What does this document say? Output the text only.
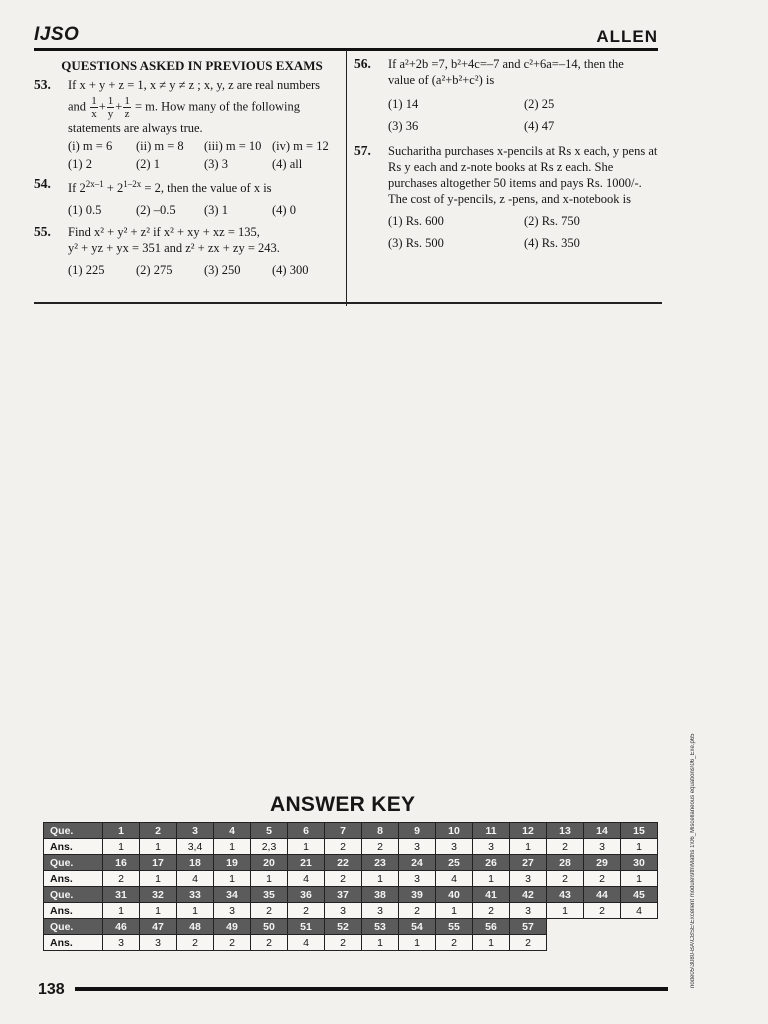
IJSO	ALLEN
QUESTIONS ASKED IN PREVIOUS EXAMS
53. If x + y + z = 1, x ≠ y ≠ z ; x, y, z are real numbers
and $\frac{1}{x} + \frac{1}{y} + \frac{1}{z} = m$. How many of the following
statements are always true.
(i) m = 6	(ii) m = 8	(iii) m = 10 (iv) m = 12
(1) 2	(2) 1	(3) 3	(4) all
54. If $2^{2x-1} + 2^{1-2x} = 2$, then the value of x is
(1) 0.5	(2) –0.5	(3) 1	(4) 0
55. Find x² + y² + z² if x² + xy + xz = 135,
y² + yz + yx = 351 and z² + zx + zy = 243.
(1) 225	(2) 275	(3) 250	(4) 300
56. If a²+2b =7, b²+4c=–7 and c²+6a=–14, then the
value of (a²+b²+c²) is
(1) 14	(2) 25
(3) 36	(4) 47
57. Sucharitha purchases x-pencils at Rs x each, y pens at Rs y each and z-note books at Rs z each. She purchases altogether 50 items and pays Rs. 1000/-. The cost of y-pencils, z -pens, and x-notebook is
(1) Rs. 600	(2) Rs. 750
(3) Rs. 500	(4) Rs. 350
node05\3080-BA\CBSE\Excellent module\9th\Maths 1\06_Miscellaneous equations\06_Exe.p65
ANSWER KEY
Que.	1	2	3	4	5	6	7	8	9	10	11	12	13	14	15
Ans.	1	1	3,4	1	2,3	1	2	2	3	3	3	1	2	3	1
Que.	16	17	18	19	20	21	22	23	24	25	26	27	28	29	30
Ans.	2	1	4	1	1	4	2	1	3	4	1	3	2	2	1
Que.	31	32	33	34	35	36	37	38	39	40	41	42	43	44	45
Ans.	1	1	1	3	2	2	3	3	2	1	2	3	1	2	4
Que.	46	47	48	49	50	51	52	53	54	55	56	57			
Ans.	3	3	2	2	2	4	2	1	1	2	1	2			
138
